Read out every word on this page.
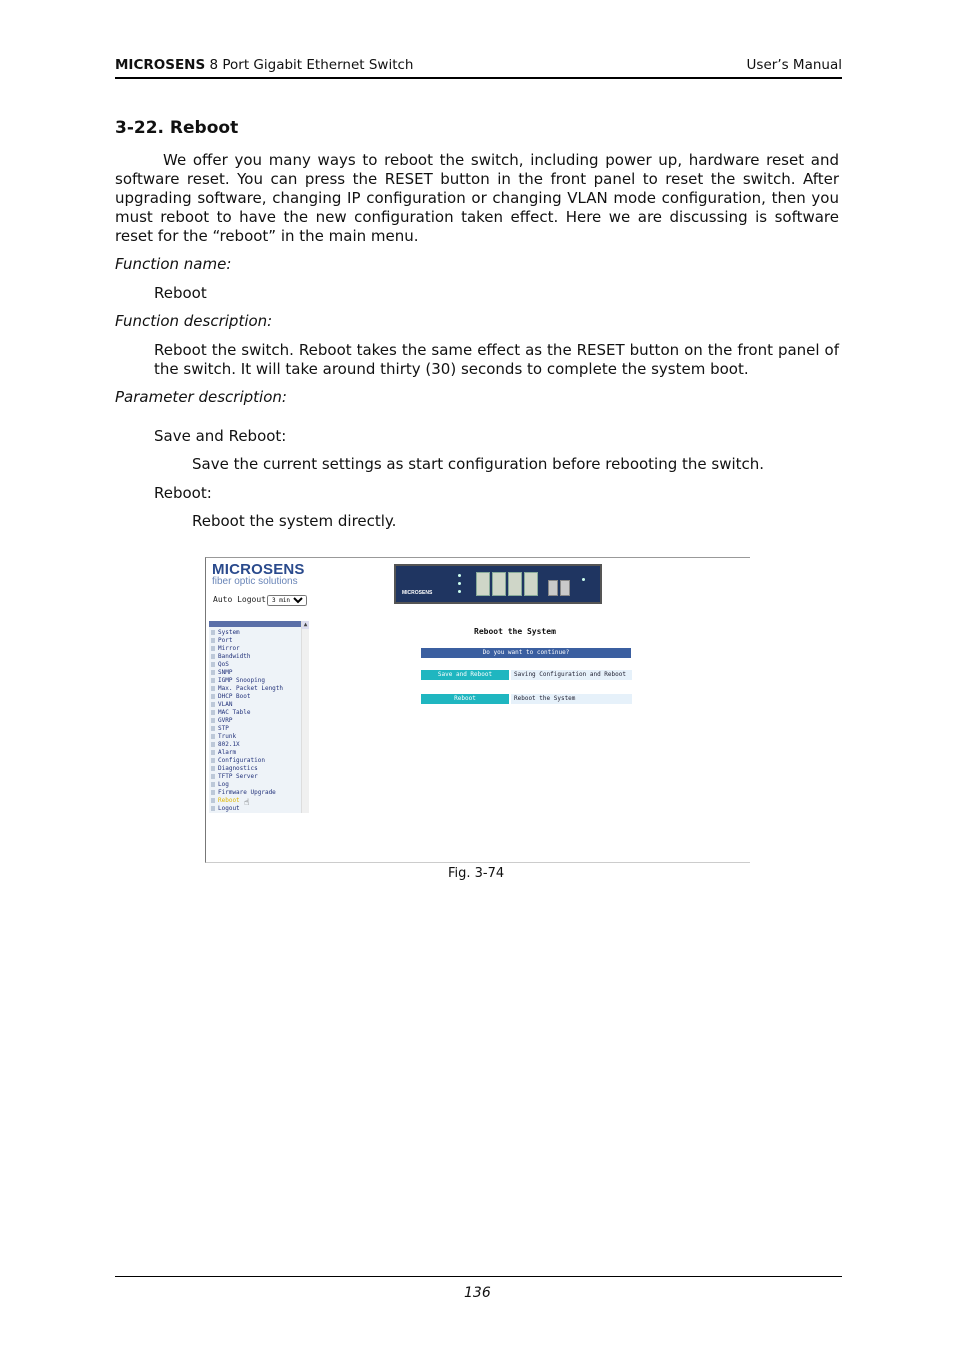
MICROSENS 8 Port Gigabit Ethernet Switch	User’s Manual
3-22. Reboot
We offer you many ways to reboot the switch, including power up, hardware reset and software reset. You can press the RESET button in the front panel to reset the switch. After upgrading software, changing IP configuration or changing VLAN mode configuration, then you must reboot to have the new configuration taken effect. Here we are discussing is software reset for the “reboot” in the main menu.
Function name:
Reboot
Function description:
Reboot the switch. Reboot takes the same effect as the RESET button on the front panel of the switch. It will take around thirty (30) seconds to complete the system boot.
Parameter description:
Save and Reboot:
Save the current settings as start configuration before rebooting the switch.
Reboot:
Reboot the system directly.
MICROSENS
fiber optic solutions
Auto Logout
3 min
MICROSENS
System
Port
Mirror
Bandwidth
QoS
SNMP
IGMP Snooping
Max. Packet Length
DHCP Boot
VLAN
MAC Table
GVRP
STP
Trunk
802.1X
Alarm
Configuration
Diagnostics
TFTP Server
Log
Firmware Upgrade
Reboot
Logout
▲
☝
Reboot the System
Do you want to continue?
Save and Reboot	Saving Configuration and Reboot
Reboot	Reboot the System
Fig. 3-74
136
